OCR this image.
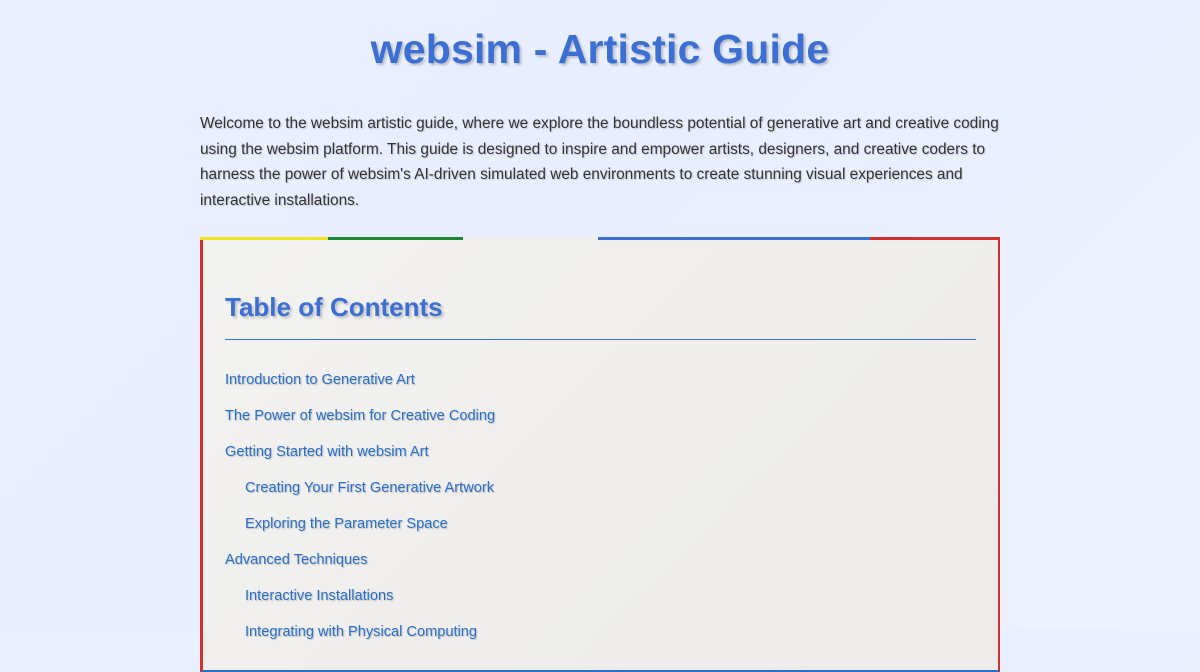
websim - Artistic Guide

Welcome to the websim artistic guide, where we explore the boundless potential of generative art and creative coding using the websim platform. This guide is designed to inspire and empower artists, designers, and creative coders to harness the power of websim's AI-driven simulated web environments to create stunning visual experiences and interactive installations.

Table of Contents
Introduction to Generative Art
The Power of websim for Creative Coding
Getting Started with websim Art
Creating Your First Generative Artwork
Exploring the Parameter Space
Advanced Techniques
Interactive Installations
Integrating with Physical Computing
